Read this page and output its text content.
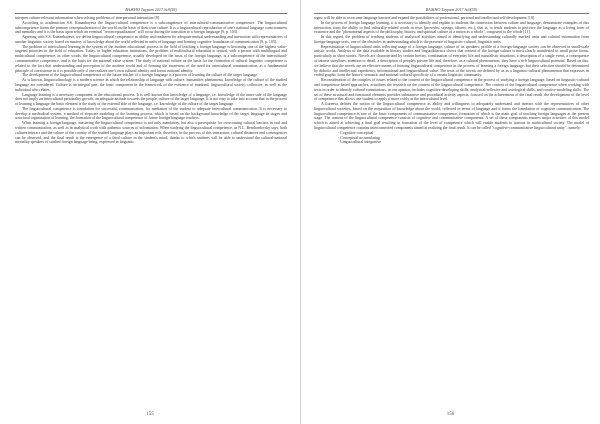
ВАЖНО Таурат 2017 №9(59)

interpret culture-relevant information when solving problems of interpersonal interaction [8].

According to academician S.S. Kunanbayeva the linguo-cultural competence is a subcompetence of intercultural-communicative competence. The linguocultural subcompetence forms the primary conceptualization of the world on the basis of their own culture. It is a linguocultural reproduction of one's national language consciousness and mentality and it is the basis upon which an eventual "reconceptualization" will occur during the transition to a foreign language [9, p. 103].

Agreeing with S.S. Kunanbayeva, we define linguocultural competence as ability and readiness for adequate mutual understanding and interaction with representatives of another linguistic society based on mastery of knowledge about the world reflected in units of language and forming cognitive foundation of communication [9, p. 103].

The problem of intercultural learning in the system of the modern educational process in the field of teaching a foreign language is becoming one of the highest value-targeted priorities in the field of education. Today, in higher education institutions, the problem of multicultural education is central, with a person with multilingual and multicultural competence, in other words, the linguocultural competence, usually developed on the basis of the foreign language, is a subcompetence of the intercultural-communicative competence, and is the basis for the national value system. The study of national culture as the basis for the formation of cultural linguistic competence is related to the fact that understanding and perception of the modern world and of forming the awareness of the need for intercultural communication, as a fundamental principle of coexistence in it is possible only if one realizes one's own cultural identity and forms national identity.

The development of the linguocultural competence of the future teacher of a foreign language is a process of learning the culture of the target language.

As is known, linguoculturology is a modern science in which the relationship of language with culture, humanities phenomena, knowledge of the culture of the studied language are considered. Culture is an integral part, the basic component in the framework of the existence of mankind, linguocultural society, collective, as well as the individual who relates.

Language learning is a necessary component in the educational process. It is well known that knowledge of a language, i.e. knowledge of the inner side of the language does not imply an intercultural personality growth, an adequate attitude towards the people, culture of the target language. It is not easy to take into account that in the process of learning a language the basic element is the study of the external side of the language, i.e. knowledge of the culture of the target language.

The linguocultural competence is foundation for successful communication, for mediation of the student to adequate intercultural communication. It is necessary to develop a methodical system, a method of stepwise modeling of the learning process, which is based on the background knowledge of the target language in stages and structural organization of learning, the formation of the linguocultural competence of future foreign language teachers.

When learning a foreign language, mastering the linguocultural competence is not only mandatory, but also a prerequisite for overcoming cultural barriers in oral and written communication, as well as in analytical work with authentic sources of information. When studying the linguocultural competence, as N.L. Bernhardovsky says, both cultures interact and the culture of the country of the studied language plays an important role, therefore, in the process of this interaction, cultural distances and convergences can be observed, and the final result is the emergence of a third culture in the student's mind, thanks to which students will be able to understand the cultural-national mentality speakers of studied foreign language being, expressed in linguistic

155
ВАЖНО Таурат 2017 №9(59)

signs; will be able to overcome language barriers and expand the possibilities of professional, personal and intellectual self-development [10].

In the process of foreign language learning, it is necessary to identify and explain to students the connection between culture and language, demonstrate examples of this interaction, form the ability to find culturally-related words in texts (proverbs, sayings, idioms, etc.), that is, to teach students to perceive the language as a living form of existence and the "phenomenal aspects of the philosophy, history, and spiritual culture of a nation as a whole", congruent to the whole [11].

In this regard, the problem of teaching students of analytical activities aimed at identifying and understanding culturally marked units and cultural information from foreign-language texts, one of the obstacles in understanding which is the presence of linguistic-cultural, linguistic units.

Representation of linguocultural units reflecting usage of a foreign language, culture of its speakers; profile of a foreign-language society can be observed in small-scale artistic works. Analysis of the data available in literary studies and linguodidactics shows that content of the foreign culture is most clearly manifested in small prose forms, particularly in short stories. Novels are characterized by certain brevity, combination of everyday life and naturalistic situations, a description of a single event, a consequence of intense storylines, attention to detail, a description of people's private life and, therefore, as a cultural phenomenon, they have a rich linguocultural potential. Based on this, we believe that the novels are an effective means of forming linguocultural competence in the process of learning a foreign language, but their selection should be determined by didactic and intellectual expediency, informational and linguocultural value. The texts of the novels are defined by us as a linguistic-cultural phenomenon that expresses in verbal graphic form the historic-semantic and national-cultural specificity of a certain linguistic community.

Reconsideration of the complex of issues related to the content of the linguocultural competence in the process of studying a foreign language, based on linguistic-cultural and competence-based approaches, actualizes the research on the content of the linguocultural competence. The content of the linguocultural competence when working with texts in order to identify cultural connotations, in our opinion, includes cognitive-developing skills, analytical-reflexive and axiological skills, and creative-modeling skills. The set of these structural and functional elements provides substantive and procedural activity aspects, focused on the achievement of the final result: the development of the level of competence that allows one student to apply it more richly at the intercultural level.

A.Gureeva defines the notion of the linguocultural competence as ability and willingness to adequately understand and interact with the representatives of other linguocultural societies, based on the acquisition of knowledge about the world, reflected in terms of language and it forms the foundation of cognitive communication. The linguocultural competence is one of the basic components of communicative competence, formation of which is the main goal of teaching foreign languages at the present stage. The content of the linguocultural competence consists of cognitive and communicative components. A set of these components ensures major activities of this model which is aimed at achieving a final goal resulting in formation of the level of competence which will enable students to interact in multicultural society. The model of linguocultural competence contains interconnected components aimed at realizing the final result. It can be called "cognitive-communicative linguocultural unity", namely:

- Cognitive conceptual
- Conceptual accumulating
- Linguocultural integrative
156
